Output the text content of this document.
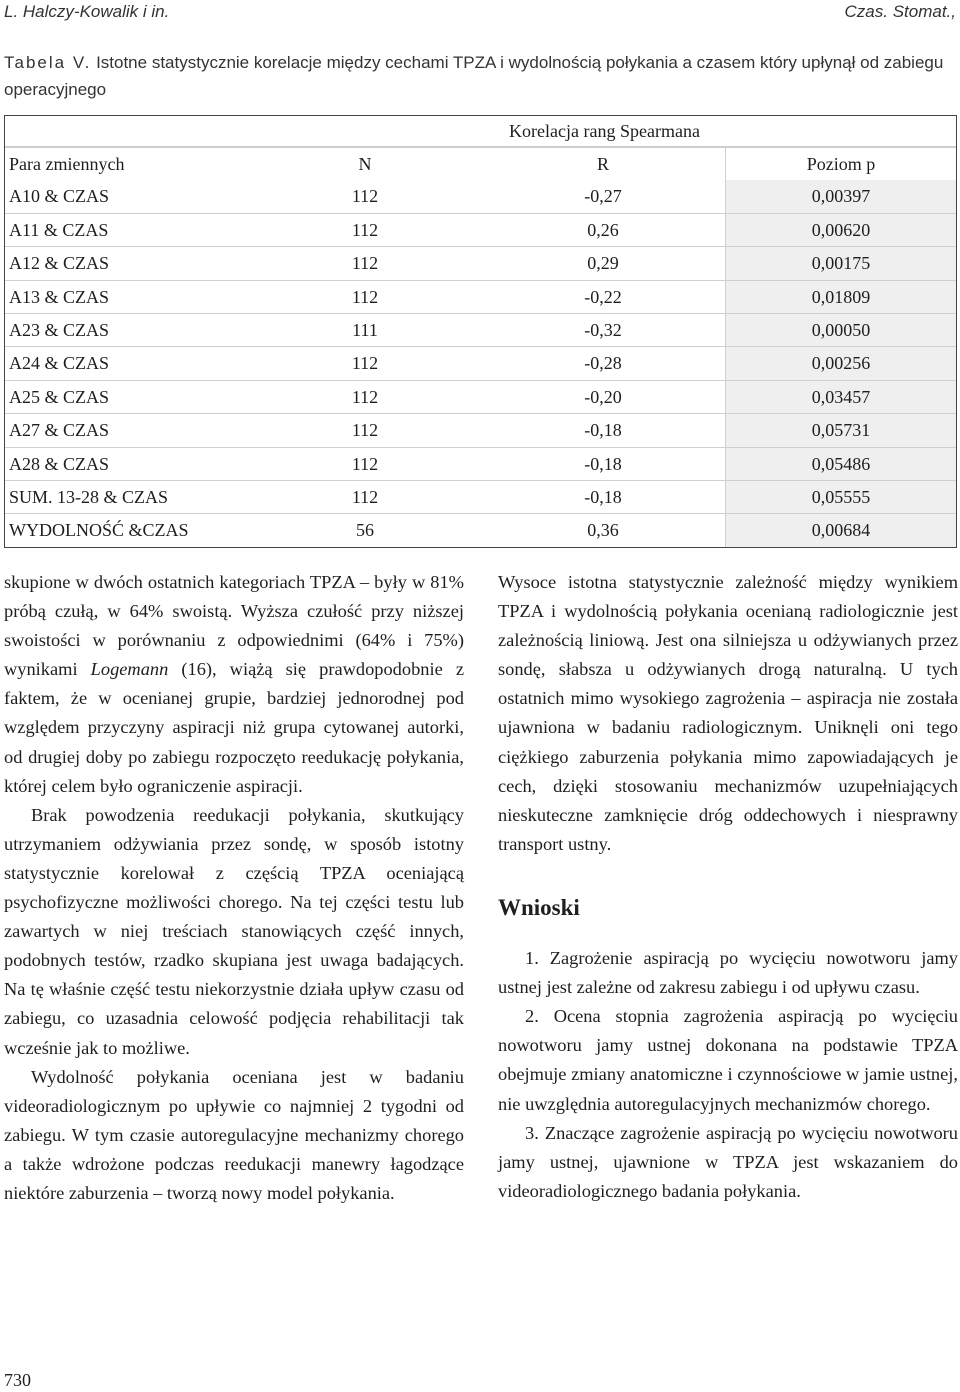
L. Halczy-Kowalik i in.	Czas. Stomat.,
Tabela V. Istotne statystycznie korelacje między cechami TPZA i wydolnością połykania a czasem który upłynął od zabiegu operacyjnego
Korelacja rang Spearmana
Para zmiennych	N	R	Poziom p
A10 & CZAS	112	-0,27	0,00397
A11 & CZAS	112	0,26	0,00620
A12 & CZAS	112	0,29	0,00175
A13 & CZAS	112	-0,22	0,01809
A23 & CZAS	111	-0,32	0,00050
A24 & CZAS	112	-0,28	0,00256
A25 & CZAS	112	-0,20	0,03457
A27 & CZAS	112	-0,18	0,05731
A28 & CZAS	112	-0,18	0,05486
SUM. 13-28 & CZAS	112	-0,18	0,05555
WYDOLNOŚĆ &CZAS	56	0,36	0,00684

skupione w dwóch ostatnich kategoriach TPZA – były w 81% próbą czułą, w 64% swoistą. Wyższa czułość przy niższej swoistości w porównaniu z odpowiednimi (64% i 75%) wynikami Logemann (16), wiążą się prawdopodobnie z faktem, że w ocenianej grupie, bardziej jednorodnej pod względem przyczyny aspiracji niż grupa cytowanej autorki, od drugiej doby po zabiegu rozpoczęto reedukację połykania, której celem było ograniczenie aspiracji.

Brak powodzenia reedukacji połykania, skutkujący utrzymaniem odżywiania przez sondę, w sposób istotny statystycznie korelował z częścią TPZA oceniającą psychofizyczne możliwości chorego. Na tej części testu lub zawartych w niej treściach stanowiących część innych, podobnych testów, rzadko skupiana jest uwaga badających. Na tę właśnie część testu niekorzystnie działa upływ czasu od zabiegu, co uzasadnia celowość podjęcia rehabilitacji tak wcześnie jak to możliwe.

Wydolność połykania oceniana jest w badaniu videoradiologicznym po upływie co najmniej 2 tygodni od zabiegu. W tym czasie autoregulacyjne mechanizmy chorego a także wdrożone podczas reedukacji manewry łagodzące niektóre zaburzenia – tworzą nowy model połykania.

Wysoce istotna statystycznie zależność między wynikiem TPZA i wydolnością połykania ocenianą radiologicznie jest zależnością liniową. Jest ona silniejsza u odżywianych przez sondę, słabsza u odżywianych drogą naturalną. U tych ostatnich mimo wysokiego zagrożenia – aspiracja nie została ujawniona w badaniu radiologicznym. Uniknęli oni tego ciężkiego zaburzenia połykania mimo zapowiadających je cech, dzięki stosowaniu mechanizmów uzupełniających nieskuteczne zamknięcie dróg oddechowych i niesprawny transport ustny.

Wnioski

1. Zagrożenie aspiracją po wycięciu nowotworu jamy ustnej jest zależne od zakresu zabiegu i od upływu czasu.

2. Ocena stopnia zagrożenia aspiracją po wycięciu nowotworu jamy ustnej dokonana na podstawie TPZA obejmuje zmiany anatomiczne i czynnościowe w jamie ustnej, nie uwzględnia autoregulacyjnych mechanizmów chorego.

3. Znaczące zagrożenie aspiracją po wycięciu nowotworu jamy ustnej, ujawnione w TPZA jest wskazaniem do videoradiologicznego badania połykania.

730
